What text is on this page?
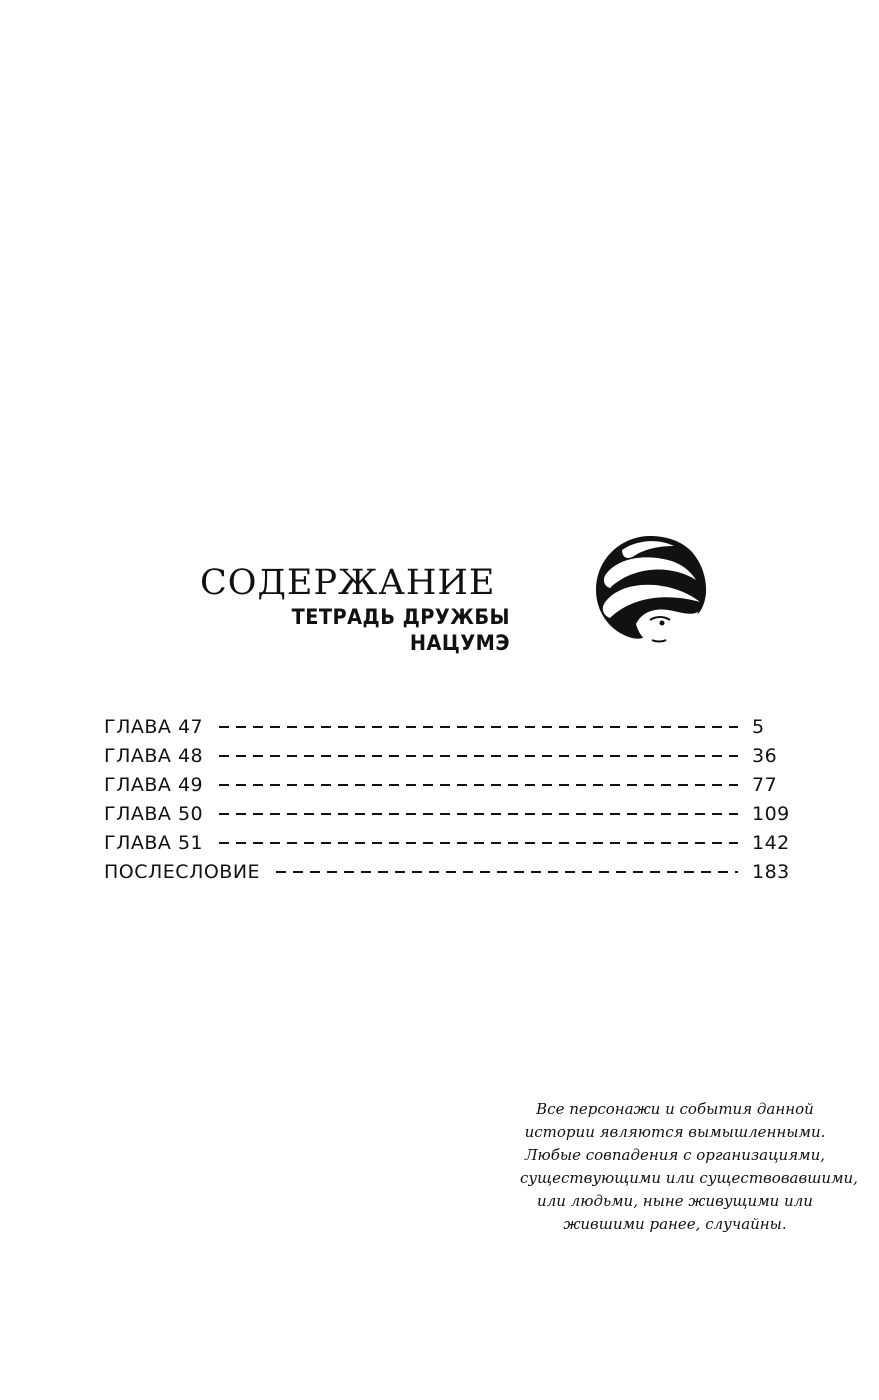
СОДЕРЖАНИЕ
ТЕТРАДЬ ДРУЖБЫ НАЦУМЭ
ГЛАВА 47	5
ГЛАВА 48	36
ГЛАВА 49	77
ГЛАВА 50	109
ГЛАВА 51	142
ПОСЛЕСЛОВИЕ	183
Все персонажи и события данной
истории являются вымышленными.
Любые совпадения с организациями,
существующими или существовавшими,
или людьми, ныне живущими или
жившими ранее, случайны.
